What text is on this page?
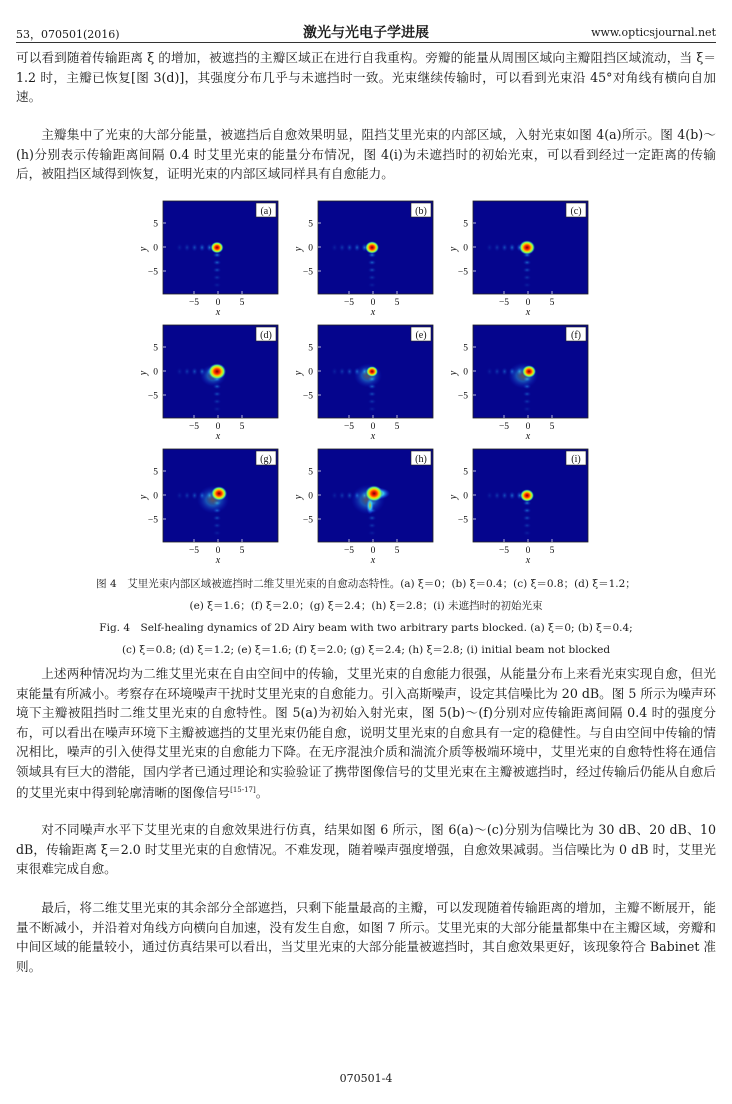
53，070501(2016)	激光与光电子学进展	www.opticsjournal.net

可以看到随着传输距离 ξ 的增加，被遮挡的主瓣区域正在进行自我重构。旁瓣的能量从周围区域向主瓣阻挡区域流动，当 ξ＝1.2 时，主瓣已恢复[图 3(d)]，其强度分布几乎与未遮挡时一致。光束继续传输时，可以看到光束沿 45°对角线有横向自加速。

主瓣集中了光束的大部分能量，被遮挡后自愈效果明显，阻挡艾里光束的内部区域，入射光束如图 4(a)所示。图 4(b)～(h)分别表示传输距离间隔 0.4 时艾里光束的能量分布情况，图 4(i)为未遮挡时的初始光束，可以看到经过一定距离的传输后，被阻挡区域得到恢复，证明光束的内部区域同样具有自愈能力。

(a)
5
0
−5
y
−5 0 5
x
(b)
5
0
−5
y
−5 0 5
x
(c)
5
0
−5
y
−5 0 5
x
(d)
5
0
−5
y
−5 0 5
x
(e)
5
0
−5
y
−5 0 5
x
(f)
5
0
−5
y
−5 0 5
x
(g)
5
0
−5
y
−5 0 5
x
(h)
5
0
−5
y
−5 0 5
x
(i)
5
0
−5
y
−5 0 5
x

图 4　艾里光束内部区域被遮挡时二维艾里光束的自愈动态特性。(a) ξ＝0；(b) ξ＝0.4；(c) ξ＝0.8；(d) ξ＝1.2；

(e) ξ＝1.6；(f) ξ＝2.0；(g) ξ＝2.4；(h) ξ＝2.8；(i) 未遮挡时的初始光束

Fig. 4　Self-healing dynamics of 2D Airy beam with two arbitrary parts blocked. (a) ξ＝0; (b) ξ＝0.4;

(c) ξ＝0.8; (d) ξ＝1.2; (e) ξ＝1.6; (f) ξ＝2.0; (g) ξ＝2.4; (h) ξ＝2.8; (i) initial beam not blocked

上述两种情况均为二维艾里光束在自由空间中的传输，艾里光束的自愈能力很强，从能量分布上来看光束实现自愈，但光束能量有所减小。考察存在环境噪声干扰时艾里光束的自愈能力。引入高斯噪声，设定其信噪比为 20 dB。图 5 所示为噪声环境下主瓣被阻挡时二维艾里光束的自愈特性。图 5(a)为初始入射光束，图 5(b)～(f)分别对应传输距离间隔 0.4 时的强度分布，可以看出在噪声环境下主瓣被遮挡的艾里光束仍能自愈，说明艾里光束的自愈具有一定的稳健性。与自由空间中传输的情况相比，噪声的引入使得艾里光束的自愈能力下降。在无序混浊介质和湍流介质等极端环境中，艾里光束的自愈特性将在通信领域具有巨大的潜能，国内学者已通过理论和实验验证了携带图像信号的艾里光束在主瓣被遮挡时，经过传输后仍能从自愈后的艾里光束中得到轮廓清晰的图像信号[15-17]。

对不同噪声水平下艾里光束的自愈效果进行仿真，结果如图 6 所示，图 6(a)～(c)分别为信噪比为 30 dB、20 dB、10 dB，传输距离 ξ＝2.0 时艾里光束的自愈情况。不难发现，随着噪声强度增强，自愈效果减弱。当信噪比为 0 dB 时，艾里光束很难完成自愈。

最后，将二维艾里光束的其余部分全部遮挡，只剩下能量最高的主瓣，可以发现随着传输距离的增加，主瓣不断展开，能量不断减小，并沿着对角线方向横向自加速，没有发生自愈，如图 7 所示。艾里光束的大部分能量都集中在主瓣区域，旁瓣和中间区域的能量较小，通过仿真结果可以看出，当艾里光束的大部分能量被遮挡时，其自愈效果更好，该现象符合 Babinet 准则。

070501-4
